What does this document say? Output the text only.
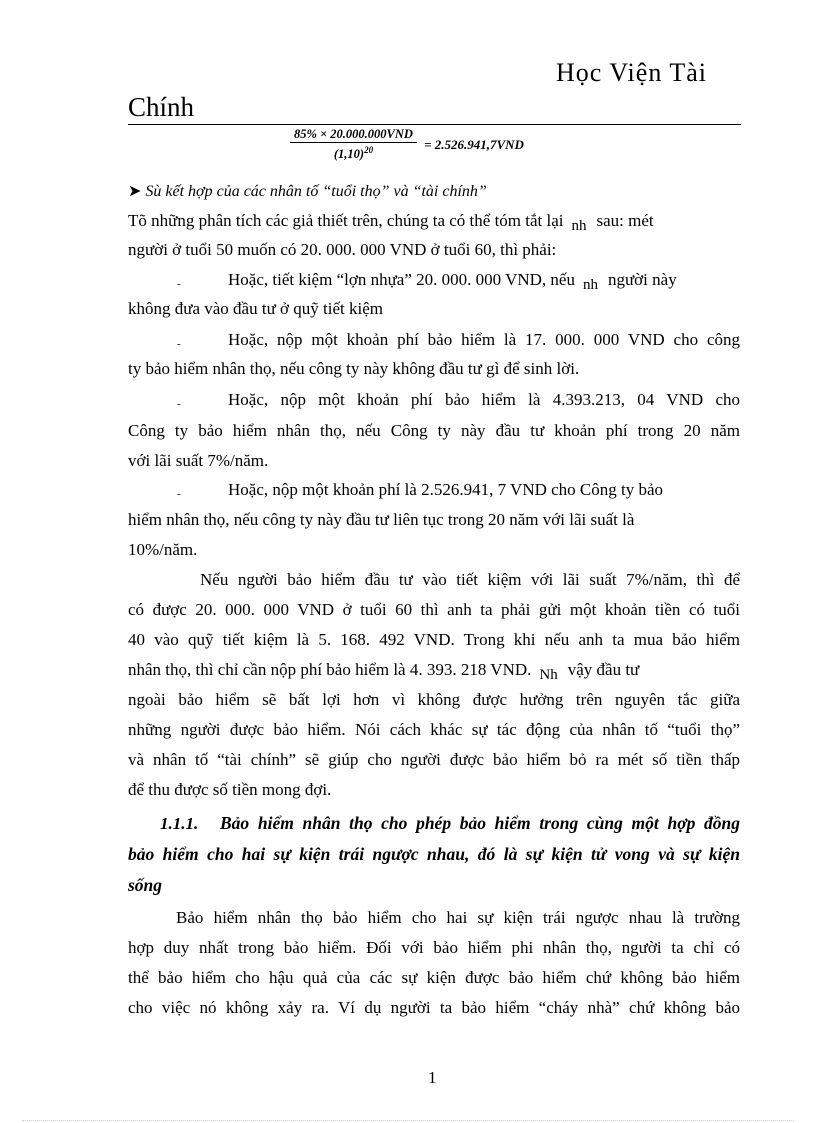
Học Viện Tài
Chính
$\frac{\text{85\% × 20.000.000VND}}{(1,10)^{20}} = 2.526.941,7VND$
➤ Sù kết hợp của các nhân tố “tuổi thọ” và “tài chính”
Tõ những phân tích các giả thiết trên, chúng ta có thể tóm tắt lại nh sau: mét
người ở tuổi 50 muốn có 20. 000. 000 VND ở tuổi 60, thì phải:
-	Hoặc, tiết kiệm “lợn nhựa” 20. 000. 000 VND, nếu nh người này
không đưa vào đầu tư ở quỹ tiết kiệm
-	Hoặc, nộp một khoản phí bảo hiểm là 17. 000. 000 VND cho công
ty bảo hiểm nhân thọ, nếu công ty này không đầu tư gì để sinh lời.
-	Hoặc, nộp một khoản phí bảo hiểm là 4.393.213, 04 VND cho
Công ty bảo hiểm nhân thọ, nếu Công ty này đầu tư khoản phí trong 20 năm
với lãi suất 7%/năm.
-	Hoặc, nộp một khoản phí là 2.526.941, 7 VND cho Công ty bảo
hiểm nhân thọ, nếu công ty này đầu tư liên tục trong 20 năm với lãi suất là
10%/năm.
Nếu người bảo hiểm đầu tư vào tiết kiệm với lãi suất 7%/năm, thì để
có được 20. 000. 000 VND ở tuổi 60 thì anh ta phải gửi một khoản tiền có tuổi
40 vào quỹ tiết kiệm là 5. 168. 492 VND. Trong khi nếu anh ta mua bảo hiểm
nhân thọ, thì chỉ cần nộp phí bảo hiểm là 4. 393. 218 VND. Nh vậy đầu tư
ngoài bảo hiểm sẽ bất lợi hơn vì không được hưởng trên nguyên tắc giữa
những người được bảo hiểm. Nói cách khác sự tác động của nhân tố “tuổi thọ”
và nhân tố “tài chính” sẽ giúp cho người được bảo hiểm bỏ ra mét số tiền thấp
để thu được số tiền mong đợi.
1.1.1. Bảo hiểm nhân thọ cho phép bảo hiểm trong cùng một hợp đồng
bảo hiểm cho hai sự kiện trái ngược nhau, đó là sự kiện tử vong và sự kiện
sống
Bảo hiểm nhân thọ bảo hiểm cho hai sự kiện trái ngược nhau là trường
hợp duy nhất trong bảo hiểm. Đối với bảo hiểm phi nhân thọ, người ta chỉ có
thể bảo hiểm cho hậu quả của các sự kiện được bảo hiểm chứ không bảo hiểm
cho việc nó không xảy ra. Ví dụ người ta bảo hiểm “cháy nhà” chứ không bảo
1
